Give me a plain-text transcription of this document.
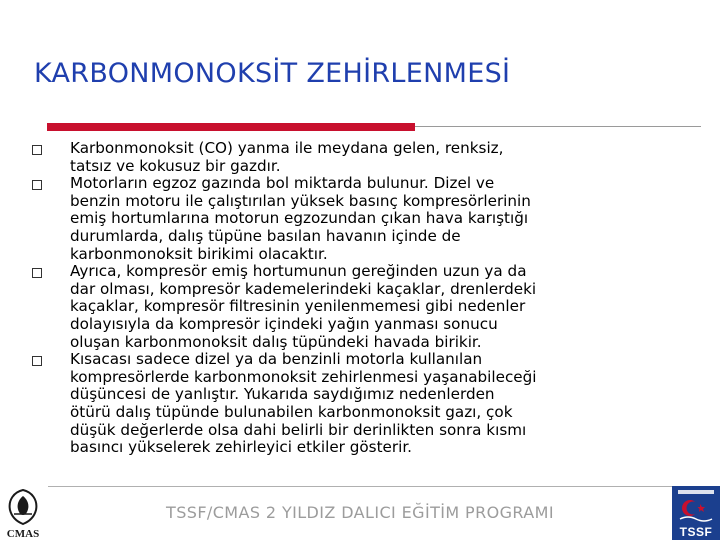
KARBONMONOKSİT ZEHİRLENMESİ
Karbonmonoksit (CO) yanma ile meydana gelen, renksiz,
tatsız ve kokusuz bir gazdır.
Motorların egzoz gazında bol miktarda bulunur. Dizel ve
benzin motoru ile çalıştırılan yüksek basınç kompresörlerinin
emiş hortumlarına motorun egzozundan çıkan hava karıştığı
durumlarda, dalış tüpüne basılan havanın içinde de
karbonmonoksit birikimi olacaktır.
Ayrıca, kompresör emiş hortumunun gereğinden uzun ya da
dar olması, kompresör kademelerindeki kaçaklar, drenlerdeki
kaçaklar, kompresör filtresinin yenilenmemesi gibi nedenler
dolayısıyla da kompresör içindeki yağın yanması sonucu
oluşan karbonmonoksit dalış tüpündeki havada birikir.
Kısacası sadece dizel ya da benzinli motorla kullanılan
kompresörlerde karbonmonoksit zehirlenmesi yaşanabileceği
düşüncesi de yanlıştır. Yukarıda saydığımız nedenlerden
ötürü dalış tüpünde bulunabilen karbonmonoksit gazı, çok
düşük değerlerde olsa dahi belirli bir derinlikten sonra kısmı
basıncı yükselerek zehirleyici etkiler gösterir.
CMAS
TSSF/CMAS 2 YILDIZ DALICI EĞİTİM PROGRAMI
TSSF
